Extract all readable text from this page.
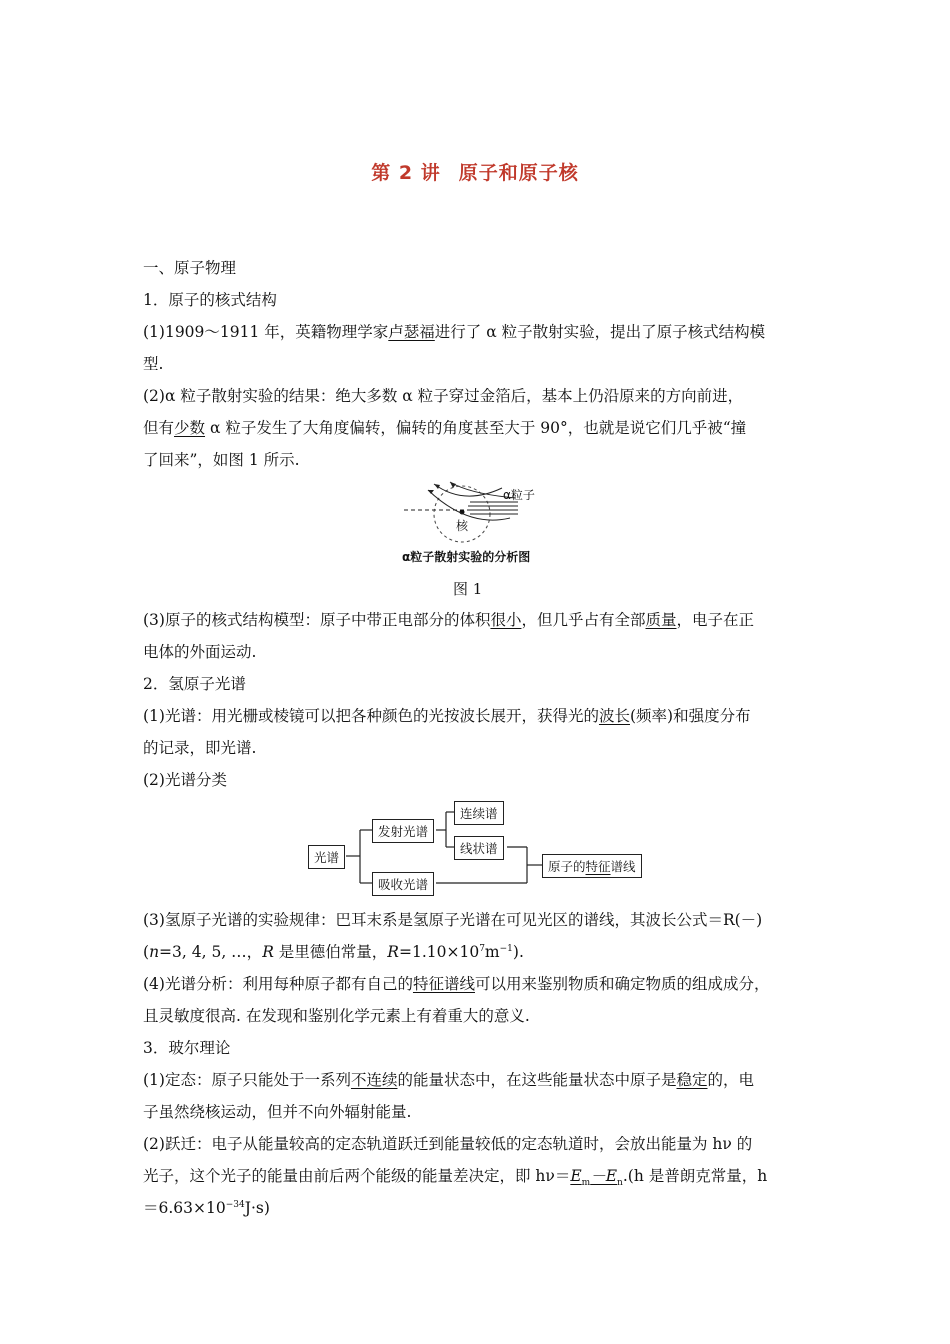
第 2 讲 原子和原子核
一、原子物理
1．原子的核式结构
(1)1909～1911 年，英籍物理学家卢瑟福进行了 α 粒子散射实验，提出了原子核式结构模
型.
(2)α 粒子散射实验的结果：绝大多数 α 粒子穿过金箔后，基本上仍沿原来的方向前进，
但有少数 α 粒子发生了大角度偏转，偏转的角度甚至大于 90°，也就是说它们几乎被“撞
了回来”，如图 1 所示.
α粒子
核
α粒子散射实验的分析图
图 1
(3)原子的核式结构模型：原子中带正电部分的体积很小，但几乎占有全部质量，电子在正
电体的外面运动.
2．氢原子光谱
(1)光谱：用光栅或棱镜可以把各种颜色的光按波长展开，获得光的波长(频率)和强度分布
的记录，即光谱.
(2)光谱分类
光谱
发射光谱
吸收光谱
连续谱
线状谱
原子的特征谱线
(3)氢原子光谱的实验规律：巴耳末系是氢原子光谱在可见光区的谱线，其波长公式＝R(－)
(n=3, 4, 5, …，R 是里德伯常量，$R=1.10\times 10^7m^{-1}$).
(4)光谱分析：利用每种原子都有自己的特征谱线可以用来鉴别物质和确定物质的组成成分，
且灵敏度很高. 在发现和鉴别化学元素上有着重大的意义.
3．玻尔理论
(1)定态：原子只能处于一系列不连续的能量状态中，在这些能量状态中原子是稳定的，电
子虽然绕核运动，但并不向外辐射能量.
(2)跃迁：电子从能量较高的定态轨道跃迁到能量较低的定态轨道时，会放出能量为 hν 的
光子，这个光子的能量由前后两个能级的能量差决定，即 $h\nu=E_m-E_n.(h$ 是普朗克常量，h
$=6.63\times 10^{-34}J\cdot s$)
